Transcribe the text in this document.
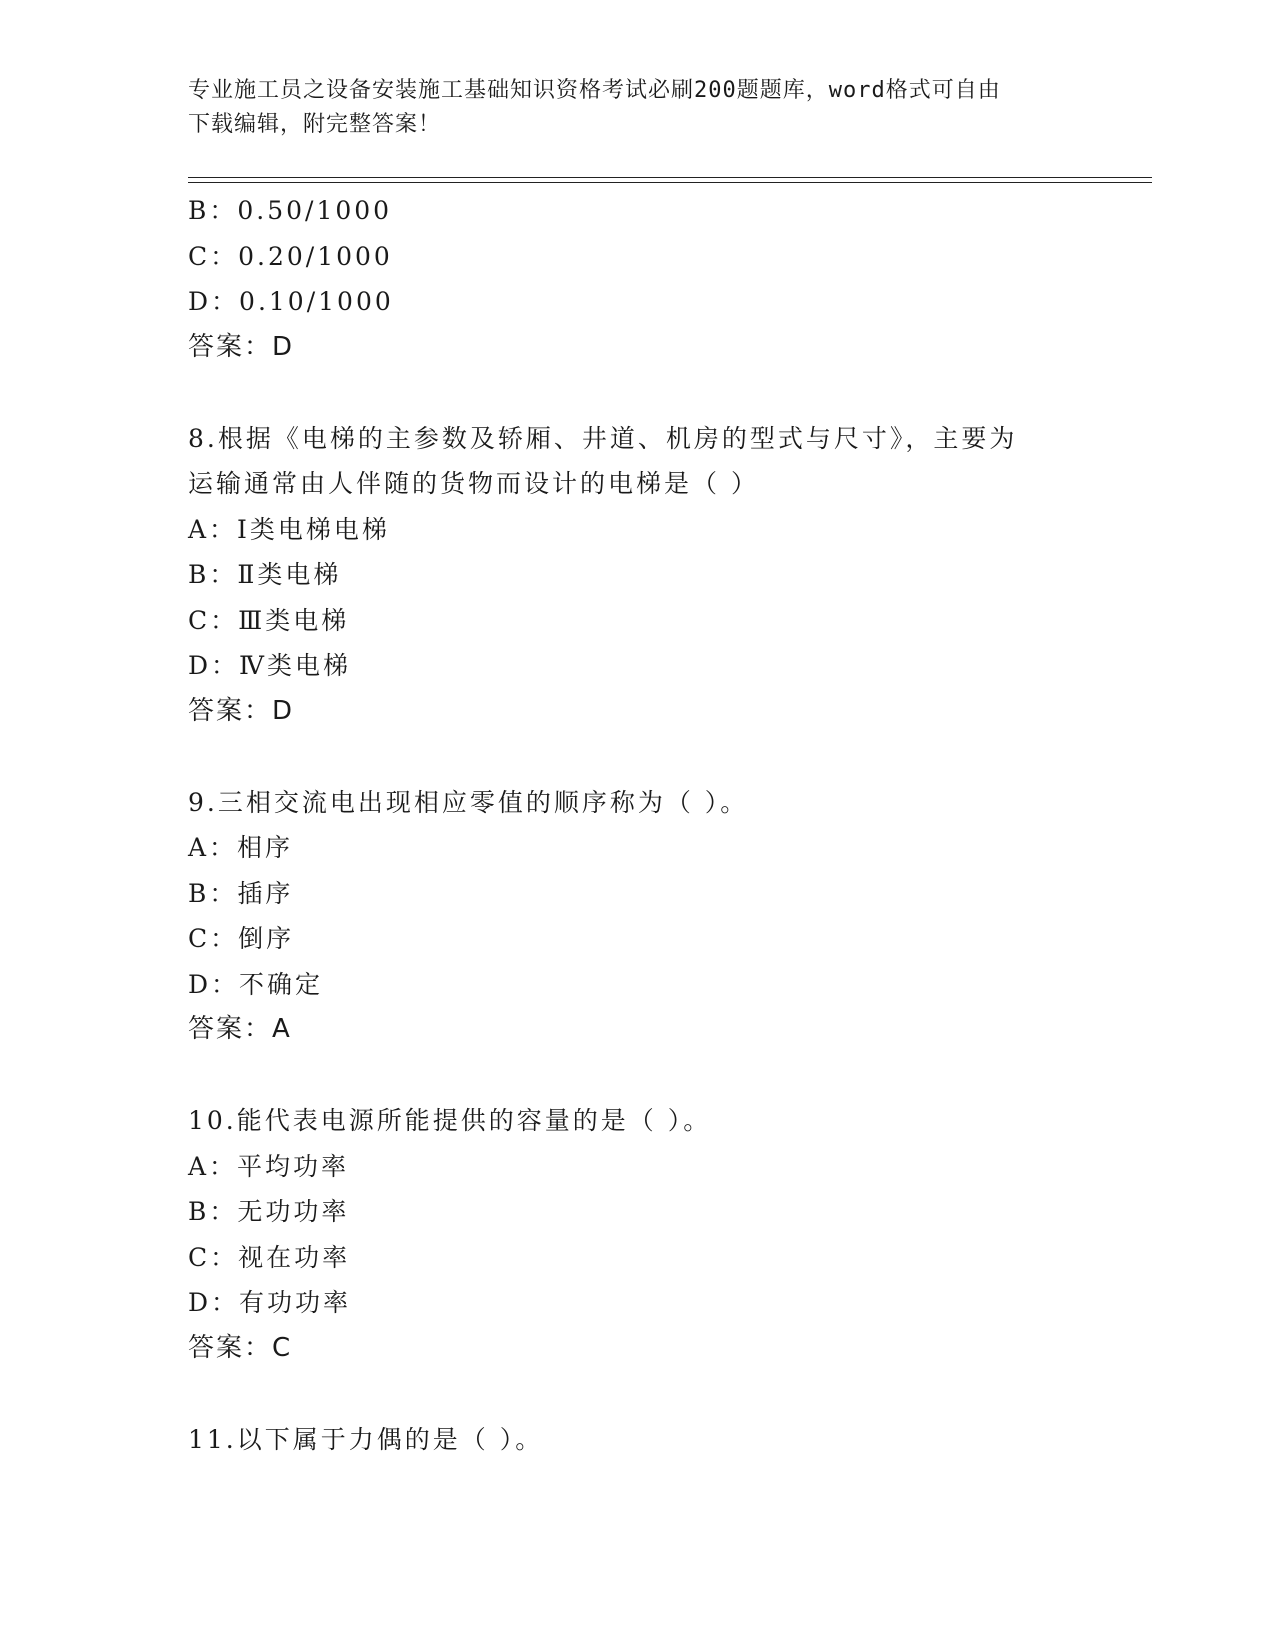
专业施工员之设备安装施工基础知识资格考试必刷200题题库，word格式可自由
下载编辑，附完整答案！
B：0.50/1000
C：0.20/1000
D：0.10/1000
答案：D
8.根据《电梯的主参数及轿厢、井道、机房的型式与尺寸》，主要为
运输通常由人伴随的货物而设计的电梯是（ ）
A：Ⅰ类电梯电梯
B：Ⅱ类电梯
C：Ⅲ类电梯
D：Ⅳ类电梯
答案：D
9.三相交流电出现相应零值的顺序称为（ ）。
A：相序
B：插序
C：倒序
D：不确定
答案：A
10.能代表电源所能提供的容量的是（ ）。
A：平均功率
B：无功功率
C：视在功率
D：有功功率
答案：C
11.以下属于力偶的是（ ）。
